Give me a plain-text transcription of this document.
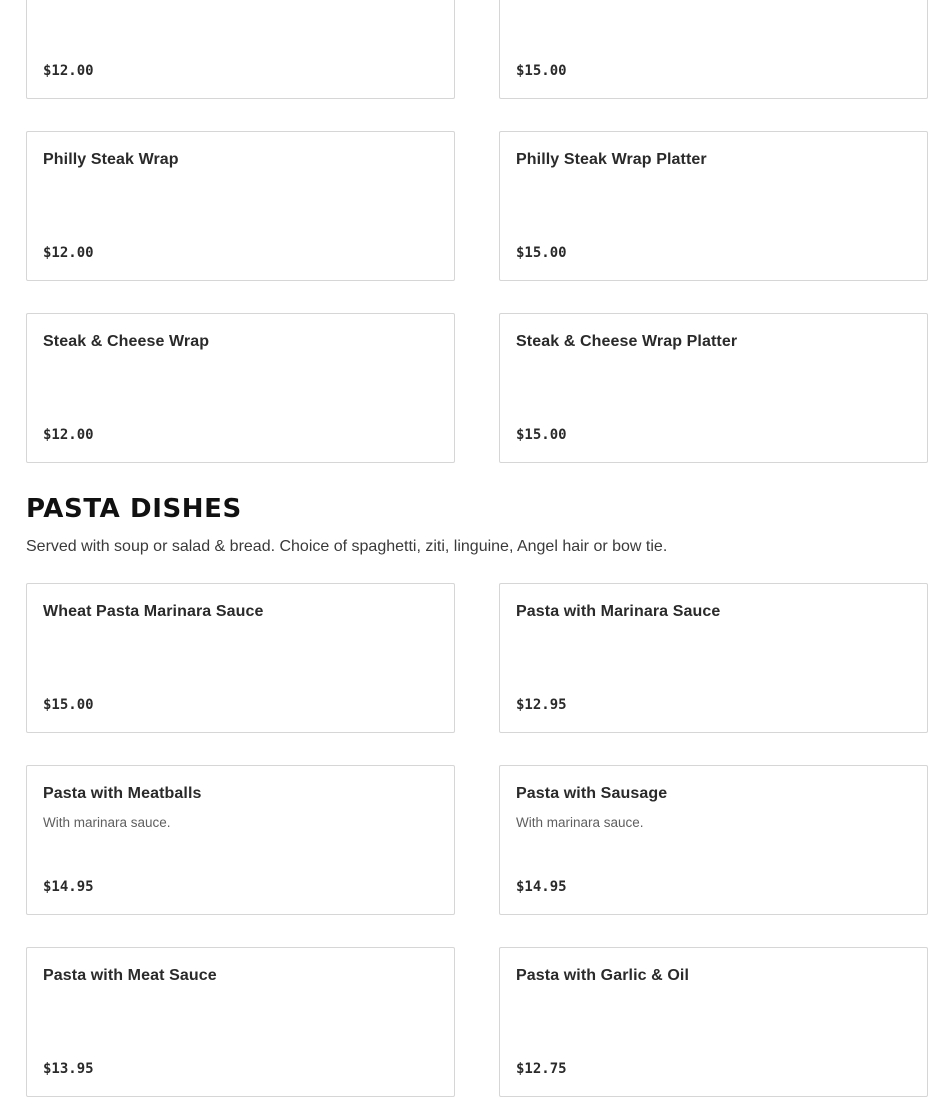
$12.00	$15.00
Philly Steak Wrap
$12.00
Philly Steak Wrap Platter
$15.00
Steak & Cheese Wrap
$12.00
Steak & Cheese Wrap Platter
$15.00
PASTA DISHES

Served with soup or salad & bread. Choice of spaghetti, ziti, linguine, Angel hair or bow tie.

Wheat Pasta Marinara Sauce
$15.00
Pasta with Marinara Sauce
$12.95
Pasta with Meatballs
With marinara sauce.
$14.95
Pasta with Sausage
With marinara sauce.
$14.95
Pasta with Meat Sauce
$13.95
Pasta with Garlic & Oil
$12.75
